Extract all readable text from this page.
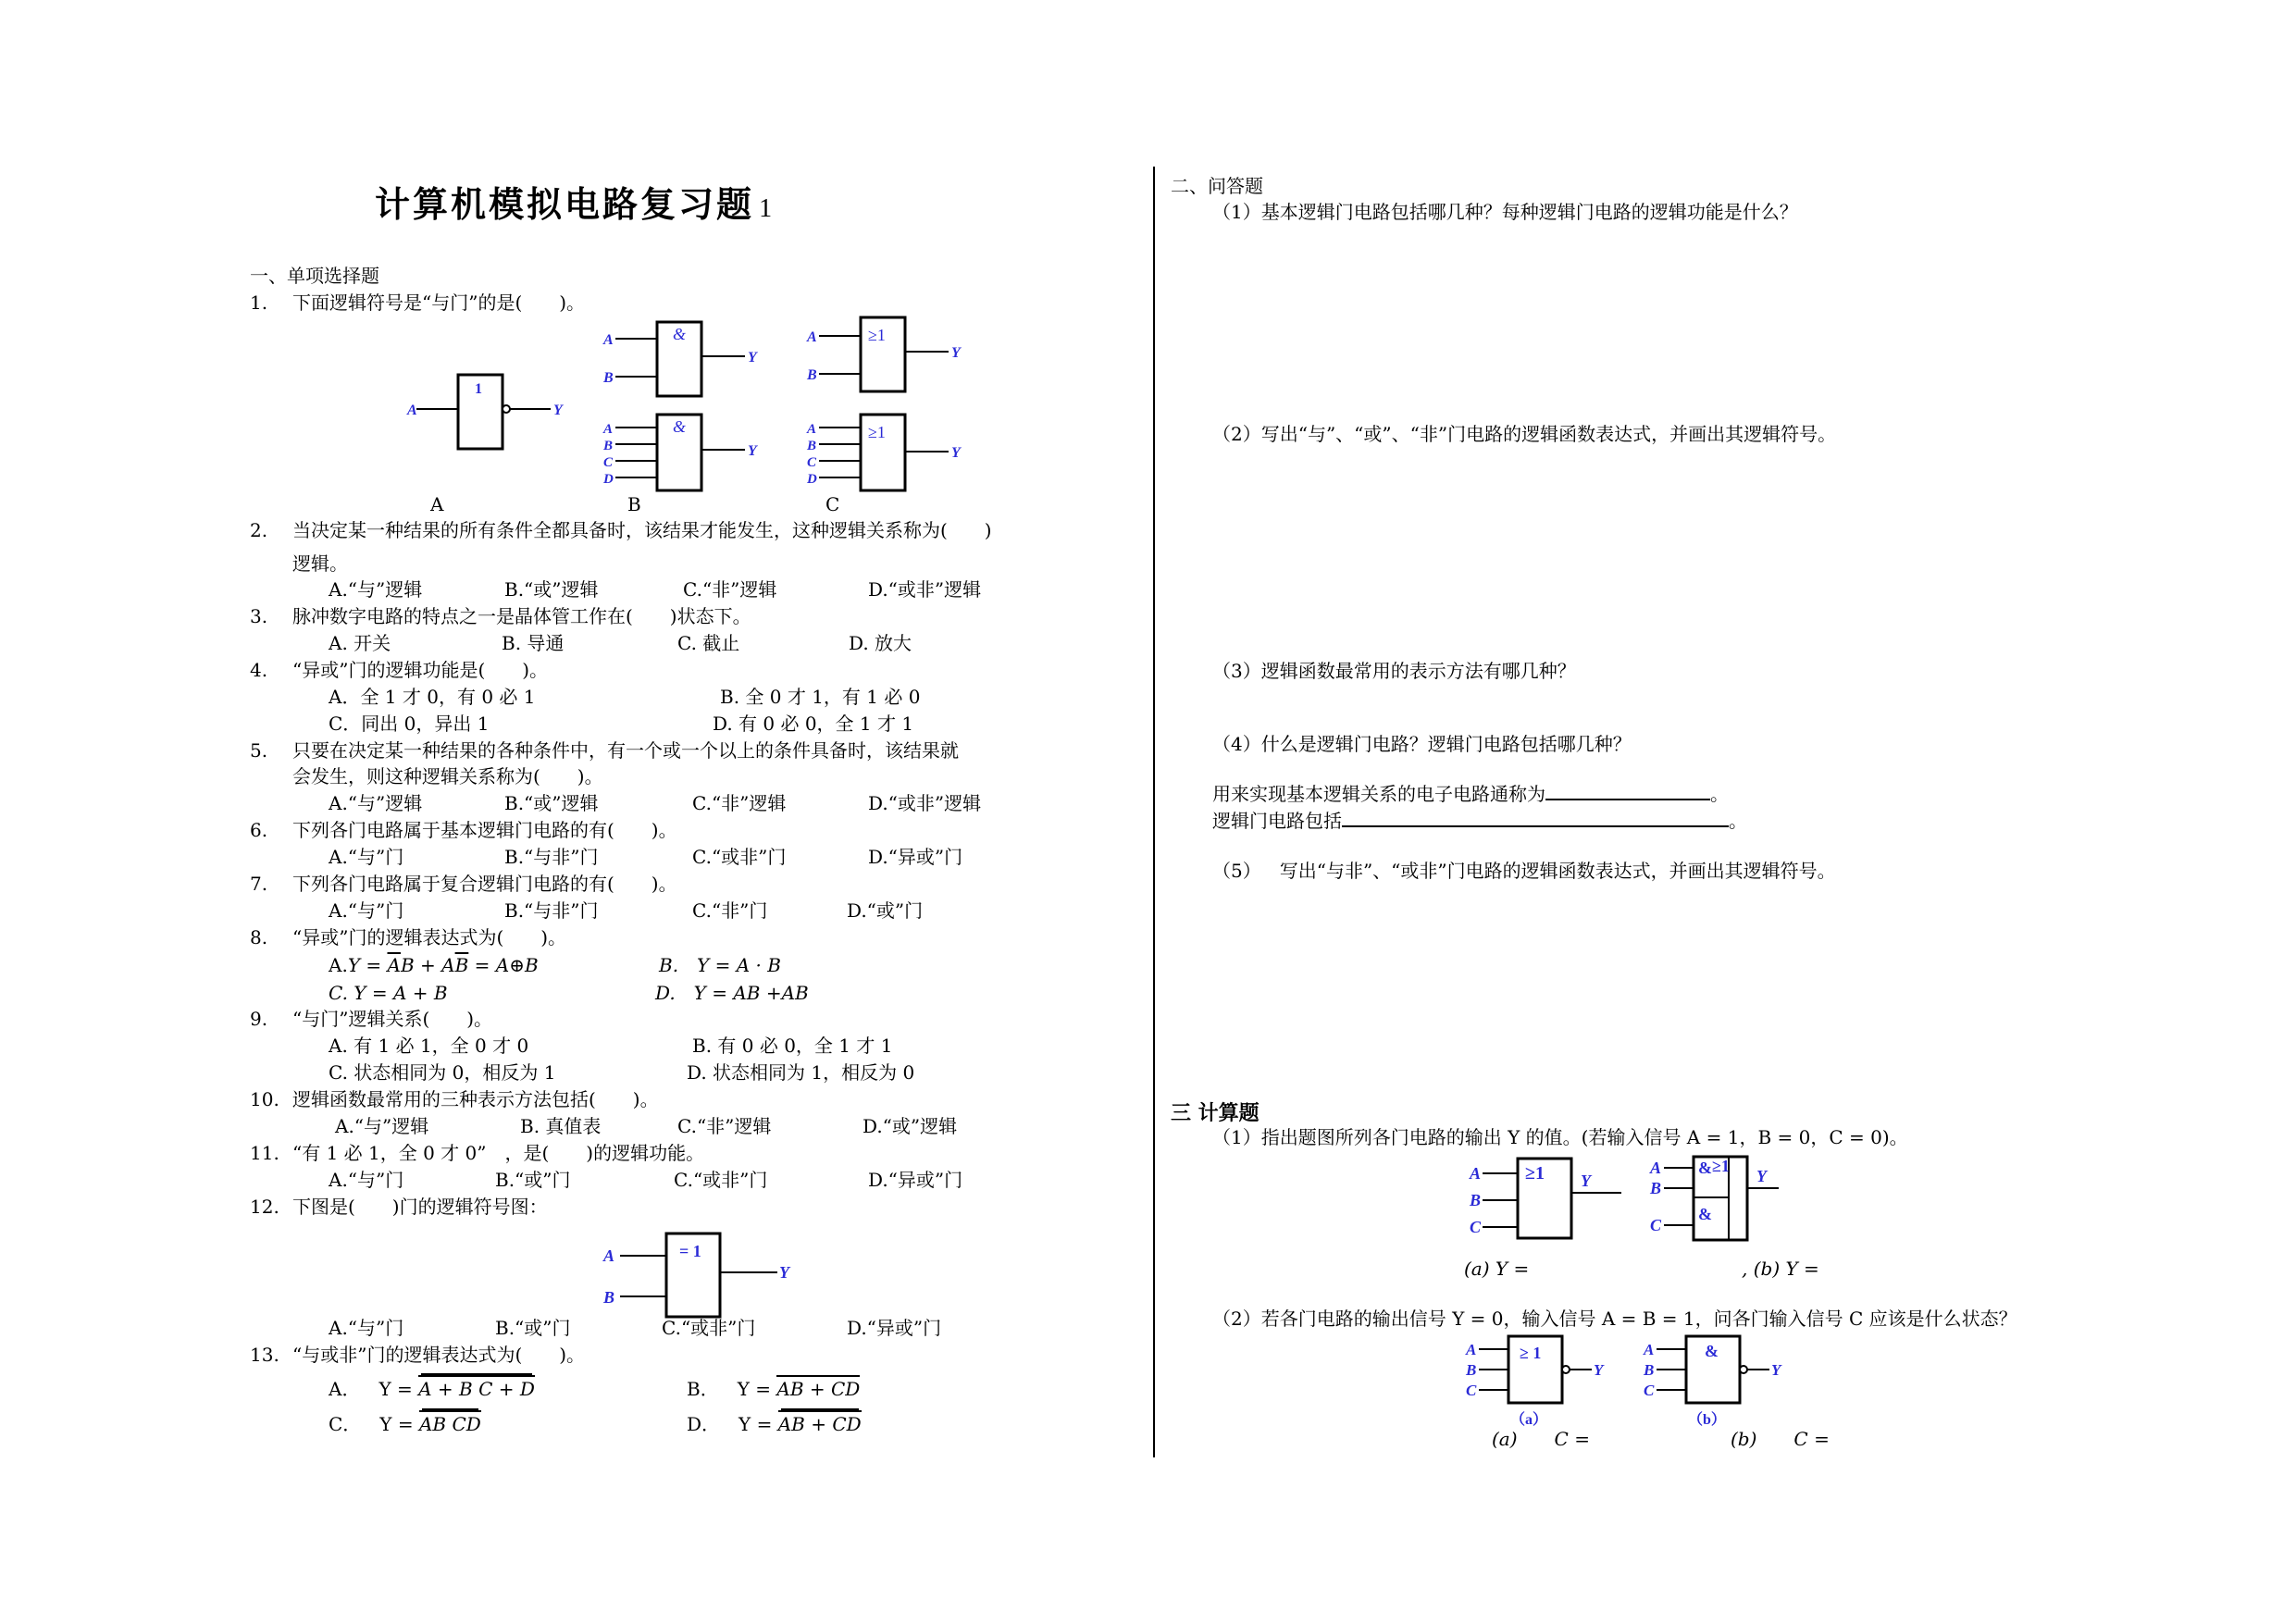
计算机模拟电路复习题 1
一、单项选择题
1. 下面逻辑符号是“与门”的是(  )。
1
A	Y
&
A
B
Y
&
A
B
C
D
Y
≥1
A
B
Y
≥1
A
B
C
D
Y
A	B	C
2. 当决定某一种结果的所有条件全都具备时，该结果才能发生，这种逻辑关系称为(  )
逻辑。
A.“与”逻辑	B.“或”逻辑	C.“非”逻辑	D.“或非”逻辑
3. 脉冲数字电路的特点之一是晶体管工作在(  )状态下。
A. 开关	B. 导通	C. 截止	D. 放大
4. “异或”门的逻辑功能是(  )。
A．全 1 才 0，有 0 必 1	B. 全 0 才 1，有 1 必 0
C．同出 0，异出 1	D. 有 0 必 0，全 1 才 1
5. 只要在决定某一种结果的各种条件中，有一个或一个以上的条件具备时，该结果就
会发生，则这种逻辑关系称为(  )。
A.“与”逻辑	B.“或”逻辑	C.“非”逻辑	D.“或非”逻辑
6. 下列各门电路属于基本逻辑门电路的有(  )。
A.“与”门	B.“与非”门	C.“或非”门	D.“异或”门
7. 下列各门电路属于复合逻辑门电路的有(  )。
A.“与”门	B.“与非”门	C.“非”门	D.“或”门
8. “异或”门的逻辑表达式为(  )。
$A.Y = \overline{A}B + A\overline{B}$ = A⊕B	B. Y = A · B
C. Y = A + B	D. Y = AB +AB
9. “与门”逻辑关系(  )。
A. 有 1 必 1，全 0 才 0	B. 有 0 必 0，全 1 才 1
C. 状态相同为 0，相反为 1	D. 状态相同为 1，相反为 0
10. 逻辑函数最常用的三种表示方法包括(  )。
A.“与”逻辑	B. 真值表	C.“非”逻辑	D.“或”逻辑
11. “有 1 必 1，全 0 才 0” ，是(  )的逻辑功能。
A.“与”门	B.“或”门	C.“或非”门	D.“异或”门
12. 下图是(  )门的逻辑符号图：
= 1
A
B
Y
A.“与”门	B.“或”门	C.“或非”门	D.“异或”门
13. “与或非”门的逻辑表达式为(  )。
A． Y = A + B C + D	B． Y = AB + CD
C． Y = AB CD	D． Y = AB + CD
二、问答题
（1）基本逻辑门电路包括哪几种？每种逻辑门电路的逻辑功能是什么？
（2）写出“与”、“或”、“非”门电路的逻辑函数表达式，并画出其逻辑符号。
（3）逻辑函数最常用的表示方法有哪几种？
（4）什么是逻辑门电路？逻辑门电路包括哪几种？
用来实现基本逻辑关系的电子电路通称为	。
逻辑门电路包括	。
（5） 写出“与非”、“或非”门电路的逻辑函数表达式，并画出其逻辑符号。
三 计算题
（1）指出题图所列各门电路的输出 Y 的值。(若输入信号 A = 1，B = 0，C = 0)。
≥1
A
B
C
Y
&
&
≥1
A
B
C
Y
(a) Y =	, (b) Y =
（2）若各门电路的输出信号 Y = 0，输入信号 A = B = 1，问各门输入信号 C 应该是什么状态？
≥ 1
A
B
C
Y
（a）
&
A
B
C
Y
（b）
(a)  C =	(b)  C =
